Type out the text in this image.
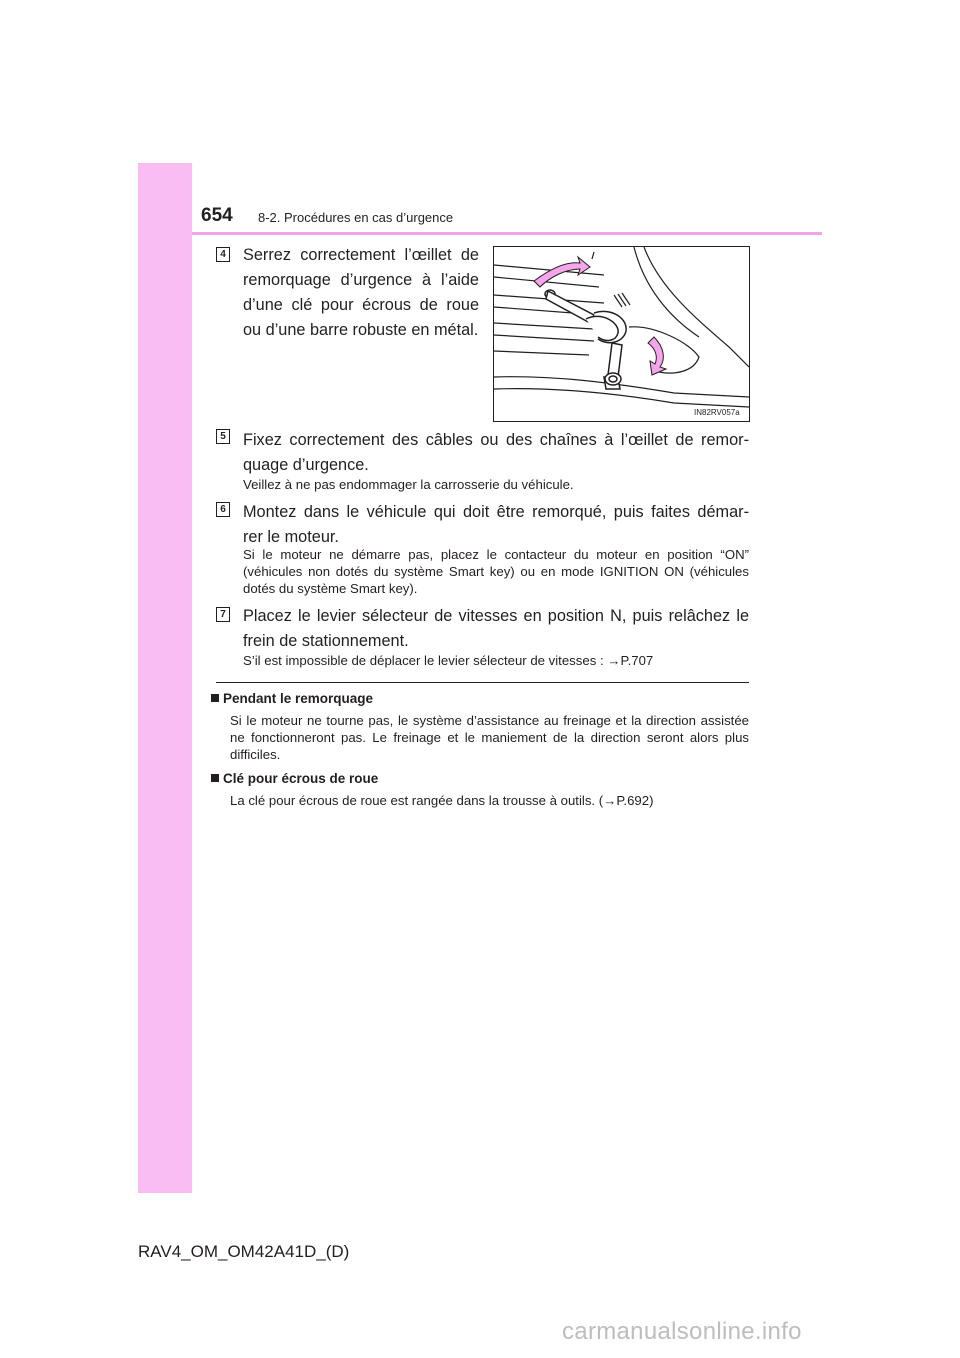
654 8-2. Procédures en cas d’urgence
4 Serrez correctement l’œillet de remorquage d’urgence à l’aide d’une clé pour écrous de roue ou d’une barre robuste en métal.
IN82RV057a
5 Fixez correctement des câbles ou des chaînes à l’œillet de remor-
quage d’urgence.
Veillez à ne pas endommager la carrosserie du véhicule.
6 Montez dans le véhicule qui doit être remorqué, puis faites démar-
rer le moteur.
Si le moteur ne démarre pas, placez le contacteur du moteur en position “ON” (véhicules non dotés du système Smart key) ou en mode IGNITION ON (véhicules dotés du système Smart key).
7 Placez le levier sélecteur de vitesses en position N, puis relâchez le frein de stationnement.
S’il est impossible de déplacer le levier sélecteur de vitesses : →P.707
Pendant le remorquage
Si le moteur ne tourne pas, le système d’assistance au freinage et la direction assistée ne fonctionneront pas. Le freinage et le maniement de la direction seront alors plus difficiles.
Clé pour écrous de roue
La clé pour écrous de roue est rangée dans la trousse à outils. (→P.692)
RAV4_OM_OM42A41D_(D)
carmanualsonline.info
